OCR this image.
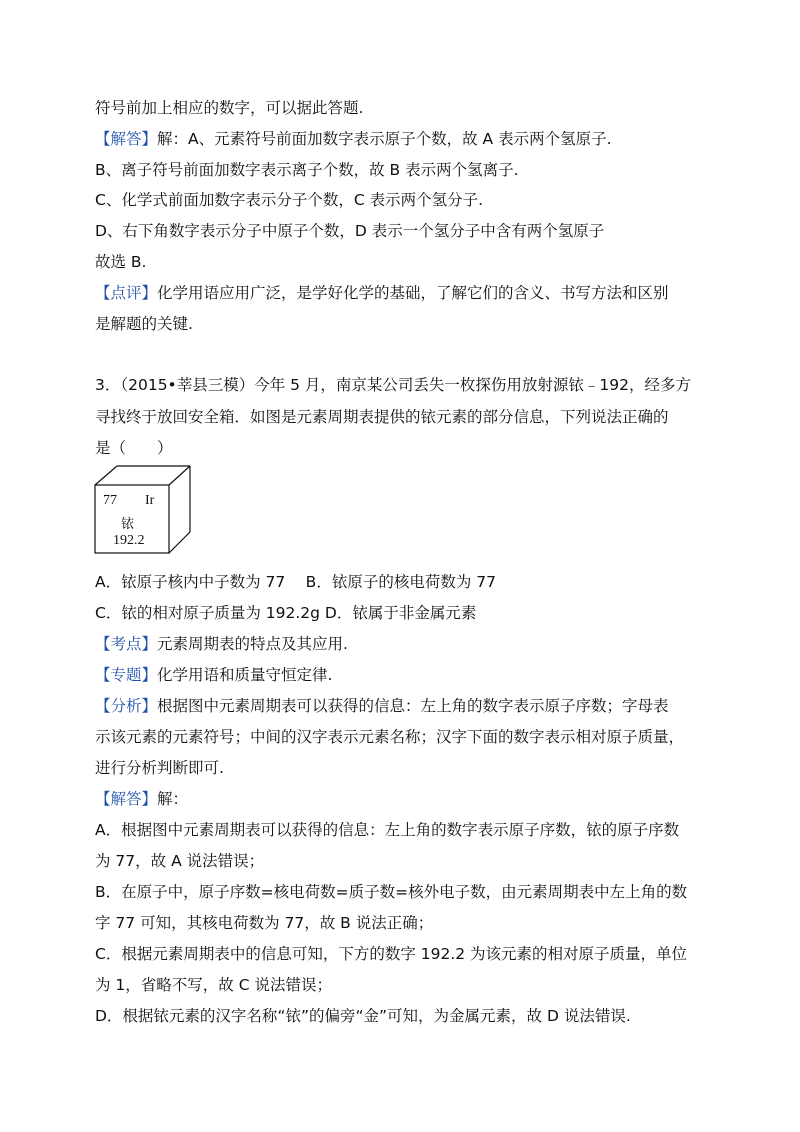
符号前加上相应的数字，可以据此答题.
【解答】解：A、元素符号前面加数字表示原子个数，故 A 表示两个氢原子.
B、离子符号前面加数字表示离子个数，故 B 表示两个氢离子.
C、化学式前面加数字表示分子个数，C 表示两个氢分子.
D、右下角数字表示分子中原子个数，D 表示一个氢分子中含有两个氢原子
故选 B.
【点评】化学用语应用广泛，是学好化学的基础，了解它们的含义、书写方法和区别
是解题的关键.
3．（2015•莘县三模）今年 5 月，南京某公司丢失一枚探伤用放射源铱﹣192，经多方
寻找终于放回安全箱．如图是元素周期表提供的铱元素的部分信息，下列说法正确的
是（　　）
77 Ir
铱
192.2
A．铱原子核内中子数为 77　 B．铱原子的核电荷数为 77
C．铱的相对原子质量为 192.2g D．铱属于非金属元素
【考点】元素周期表的特点及其应用.
【专题】化学用语和质量守恒定律.
【分析】根据图中元素周期表可以获得的信息：左上角的数字表示原子序数；字母表
示该元素的元素符号；中间的汉字表示元素名称；汉字下面的数字表示相对原子质量，
进行分析判断即可.
【解答】解：
A．根据图中元素周期表可以获得的信息：左上角的数字表示原子序数，铱的原子序数
为 77，故 A 说法错误；
B．在原子中，原子序数=核电荷数=质子数=核外电子数，由元素周期表中左上角的数
字 77 可知，其核电荷数为 77，故 B 说法正确；
C．根据元素周期表中的信息可知，下方的数字 192.2 为该元素的相对原子质量，单位
为 1，省略不写，故 C 说法错误；
D．根据铱元素的汉字名称“铱”的偏旁“金”可知，为金属元素，故 D 说法错误.
